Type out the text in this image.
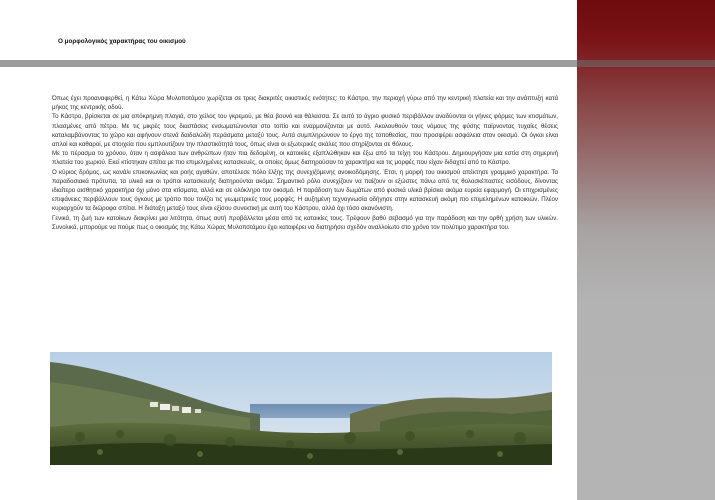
Ο μορφολογικός χαρακτήρας του οικισμού

Όπως έχει προαναφερθεί, η Κάτω Χώρα Μυλοποτάμου χωρίζεται σε τρεις διακριτές οικιστικές ενότητες: το Κάστρο, την περιοχή γύρω από την κεντρική πλατεία και την ανάπτυξη κατά μήκος της κεντρικής οδού.

Το Κάστρο, βρίσκεται σε μια απόκρημνη πλαγιά, στο χείλος του γκρεμού, με θέα βουνό και θάλασσα. Σε αυτό το άγριο φυσικό περιβάλλον αναδύονται οι γήινες φόρμες των κτισμάτων, πλασμένες από πέτρα. Με τις μικρές τους διαστάσεις ενσωματώνονται στο τοπίο και εναρμονίζονται με αυτό. Ακολουθούν τους νόμους της φύσης παίρνοντας τυχαίες θέσεις καταλαμβάνοντας το χώρο και αφήνουν στενά δαιδαλώδη περάσματα μεταξύ τους. Αυτά συμπληρώνουν το έργο της τοποθεσίας, που προσφέρει ασφάλεια στον οικισμό. Οι όγκοι είναι απλοί και καθαροί, με στοιχεία που εμπλουτίζουν την πλαστικότητά τους, όπως είναι οι εξωτερικές σκάλες που στηρίζονται σε θόλους.

Με το πέρασμα το χρόνου, όταν η ασφάλεια των ανθρώπων ήταν πια δεδομένη, οι κατοικίες εξαπλώθηκαν και έξω από τα τείχη του Κάστρου. Δημιουργήσαν μια εστία στη σημερινή πλατεία του χωριού. Εκεί κτίστηκαν σπίτια με πιο επιμελημένες κατασκευές, οι οποίες όμως διατηρούσαν το χαρακτήρα και τις μορφές που είχαν διδαχτεί από το Κάστρο.

Ο κύριος δρόμος, ως κανάλι επικοινωνίας και ροής αγαθών, αποτέλεσε πόλο έλξης της συνεχιζόμενης ανοικοδόμησης. Έτσι, η μορφή του οικισμού απέκτησε γραμμικό χαρακτήρα. Τα παραδοσιακά πρότυπα, τα υλικά και οι τρόποι κατασκευής διατηρούνται ακόμα. Σημαντικό ρόλο συνεχίζουν να παίζουν οι εξώστες πάνω από τις θολοσκέπαστες εισόδους, δίνοντας ιδιαίτερο αισθητικό χαρακτήρα όχι μόνο στα κτίσματα, αλλά και σε ολόκληρο τον οικισμό. Η παράδοση των δωμάτων από φυσικά υλικά βρίσκει ακόμα ευρεία εφαρμογή. Οι επιχρισμένες επιφάνειες περιβάλλουν τους όγκους με τρόπο που τονίζει τις γεωμετρικές τους μορφές. Η αυξημένη τεχνογνωσία οδήγησε στην κατασκευή ακόμη πιο επιμελημένων κατοικιών. Πλέον κυριαρχούν τα διώροφα σπίτια. Η διάταξη μεταξύ τους είναι εξίσου συνεκτική με αυτή του Κάστρου, αλλά όχι τόσο ακανόνιστη.

Γενικά, τη ζωή των κατοίκων διακρίνει μια λιτότητα, όπως αυτή προβάλλεται μέσα από τις κατοικίες τους. Τρέφουν βαθύ σεβασμό για την παράδοση και την ορθή χρήση των υλικών. Συνολικά, μπορούμε να πούμε πως ο οικισμός της Κάτω Χώρας Μυλοποτάμου έχει καταφέρει να διατηρήσει σχεδόν αναλλοίωτο στο χρόνο τον πολύτιμο χαρακτήρα του.
